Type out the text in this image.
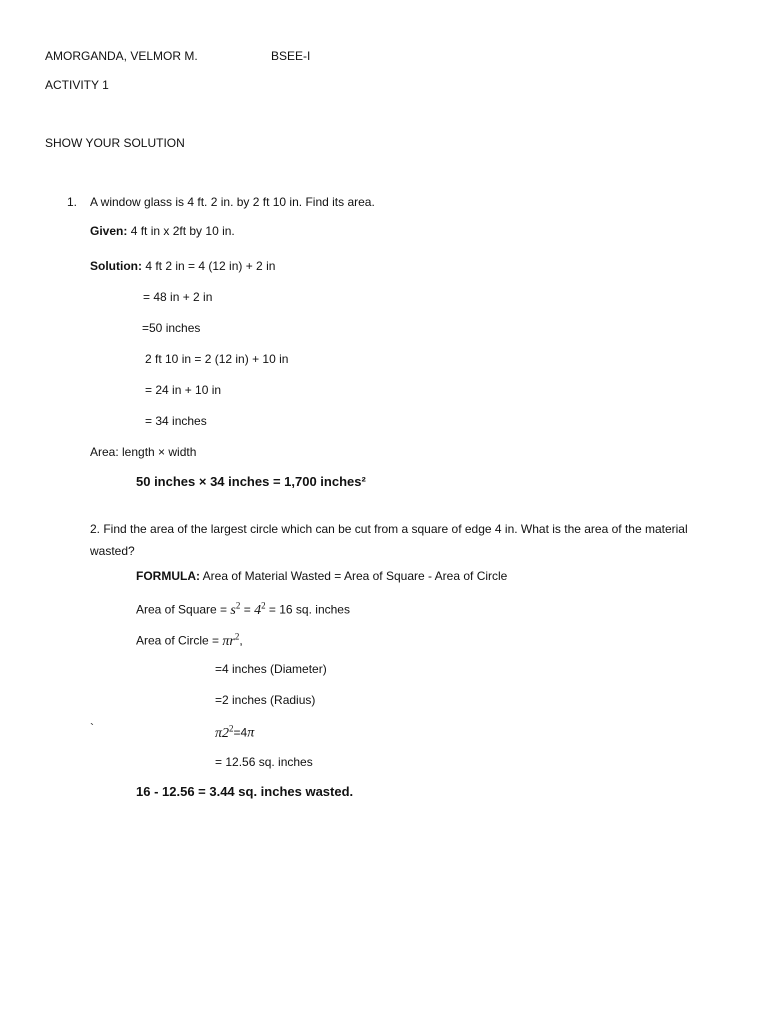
AMORGANDA, VELMOR M.	BSEE-I
ACTIVITY 1
SHOW YOUR SOLUTION
1. A window glass is 4 ft. 2 in. by 2 ft 10 in. Find its area.
Given: 4 ft in x 2ft by 10 in.
Solution: 4 ft 2 in = 4 (12 in) + 2 in
= 48 in + 2 in
=50 inches
2 ft 10 in = 2 (12 in) + 10 in
= 24 in + 10 in
= 34 inches
Area: length × width
50 inches × 34 inches = 1,700 inches²
2. Find the area of the largest circle which can be cut from a square of edge 4 in. What is the area of the material wasted?
FORMULA: Area of Material Wasted = Area of Square - Area of Circle
Area of Square = $s^2 = 4^2 = 16$ sq. inches
Area of Circle = $\pi r^2$,
=4 inches (Diameter)
=2 inches (Radius)
`	$\pi 2^2=4\pi$
= 12.56 sq. inches
16 - 12.56 = 3.44 sq. inches wasted.
